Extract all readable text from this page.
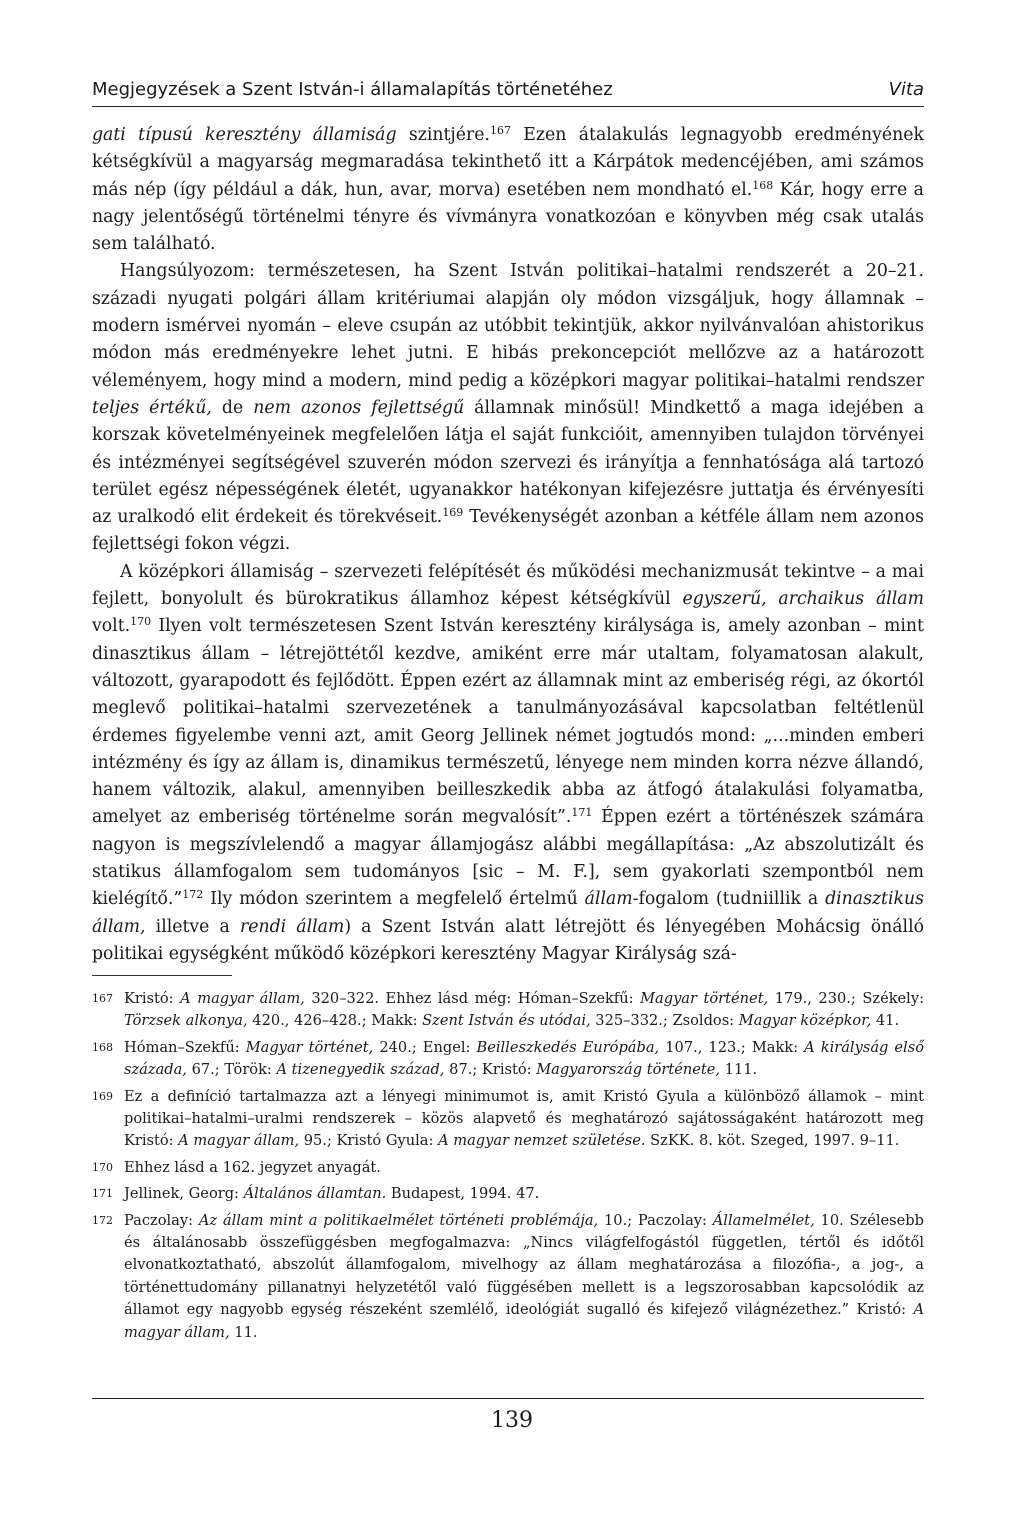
Megjegyzések a Szent István-i államalapítás történetéhez	Vita

gati típusú keresztény államiság szintjére.$^{167}$ Ezen átalakulás legnagyobb eredményének kétségkívül a magyarság megmaradása tekinthető itt a Kárpátok medencéjében, ami számos más nép (így például a dák, hun, avar, morva) esetében nem mondható el.$^{168}$ Kár, hogy erre a nagy jelentőségű történelmi tényre és vívmányra vonatkozóan e könyvben még csak utalás sem található.

Hangsúlyozom: természetesen, ha Szent István politikai–hatalmi rendszerét a 20–21. századi nyugati polgári állam kritériumai alapján oly módon vizsgáljuk, hogy államnak – modern ismérvei nyomán – eleve csupán az utóbbit tekintjük, akkor nyilvánvalóan ahistorikus módon más eredményekre lehet jutni. E hibás prekoncepciót mellőzve az a határozott véleményem, hogy mind a modern, mind pedig a középkori magyar politikai–hatalmi rendszer teljes értékű, de nem azonos fejlettségű államnak minősül! Mindkettő a maga idejében a korszak követelményeinek megfelelően látja el saját funkcióit, amennyiben tulajdon törvényei és intézményei segítségével szuverén módon szervezi és irányítja a fennhatósága alá tartozó terület egész népességének életét, ugyanakkor hatékonyan kifejezésre juttatja és érvényesíti az uralkodó elit érdekeit és törekvéseit.$^{169}$ Tevékenységét azonban a kétféle állam nem azonos fejlettségi fokon végzi.

A középkori államiság – szervezeti felépítését és működési mechanizmusát tekintve – a mai fejlett, bonyolult és bürokratikus államhoz képest kétségkívül egyszerű, archaikus állam volt.$^{170}$ Ilyen volt természetesen Szent István keresztény királysága is, amely azonban – mint dinasztikus állam – létrejöttétől kezdve, amiként erre már utaltam, folyamatosan alakult, változott, gyarapodott és fejlődött. Éppen ezért az államnak mint az emberiség régi, az ókortól meglevő politikai–hatalmi szervezetének a tanulmányozásával kapcsolatban feltétlenül érdemes figyelembe venni azt, amit Georg Jellinek német jogtudós mond: „...minden emberi intézmény és így az állam is, dinamikus természetű, lényege nem minden korra nézve állandó, hanem változik, alakul, amennyiben beilleszkedik abba az átfogó átalakulási folyamatba, amelyet az emberiség történelme során megvalósít”.$^{171}$ Éppen ezért a történészek számára nagyon is megszívlelendő a magyar államjogász alábbi megállapítása: „Az abszolutizált és statikus államfogalom sem tudományos [sic – M. F.], sem gyakorlati szempontból nem kielégítő.”$^{172}$ Ily módon szerintem a megfelelő értelmű állam-fogalom (tudniillik a dinasztikus állam, illetve a rendi állam) a Szent István alatt létrejött és lényegében Mohácsig önálló politikai egységként működő középkori keresztény Magyar Királyság szá-

167 Kristó: A magyar állam, 320–322. Ehhez lásd még: Hóman–Szekfű: Magyar történet, 179., 230.; Székely: Törzsek alkonya, 420., 426–428.; Makk: Szent István és utódai, 325–332.; Zsoldos: Magyar középkor, 41.
168 Hóman–Szekfű: Magyar történet, 240.; Engel: Beilleszkedés Európába, 107., 123.; Makk: A királyság első százada, 67.; Török: A tizenegyedik század, 87.; Kristó: Magyarország története, 111.
169 Ez a definíció tartalmazza azt a lényegi minimumot is, amit Kristó Gyula a különböző államok – mint politikai–hatalmi–uralmi rendszerek – közös alapvető és meghatározó sajátosságaként határozott meg Kristó: A magyar állam, 95.; Kristó Gyula: A magyar nemzet születése. SzKK. 8. köt. Szeged, 1997. 9–11.
170 Ehhez lásd a 162. jegyzet anyagát.
171 Jellinek, Georg: Általános államtan. Budapest, 1994. 47.
172 Paczolay: Az állam mint a politikaelmélet történeti problémája, 10.; Paczolay: Államelmélet, 10. Szélesebb és általánosabb összefüggésben megfogalmazva: „Nincs világfelfogástól független, tértől és időtől elvonatkoztatható, abszolút államfogalom, mivelhogy az állam meghatározása a filozófia-, a jog-, a történettudomány pillanatnyi helyzetétől való függésében mellett is a legszorosabban kapcsolódik az államot egy nagyobb egység részeként szemlélő, ideológiát sugalló és kifejező világnézethez.” Kristó: A magyar állam, 11.
139
